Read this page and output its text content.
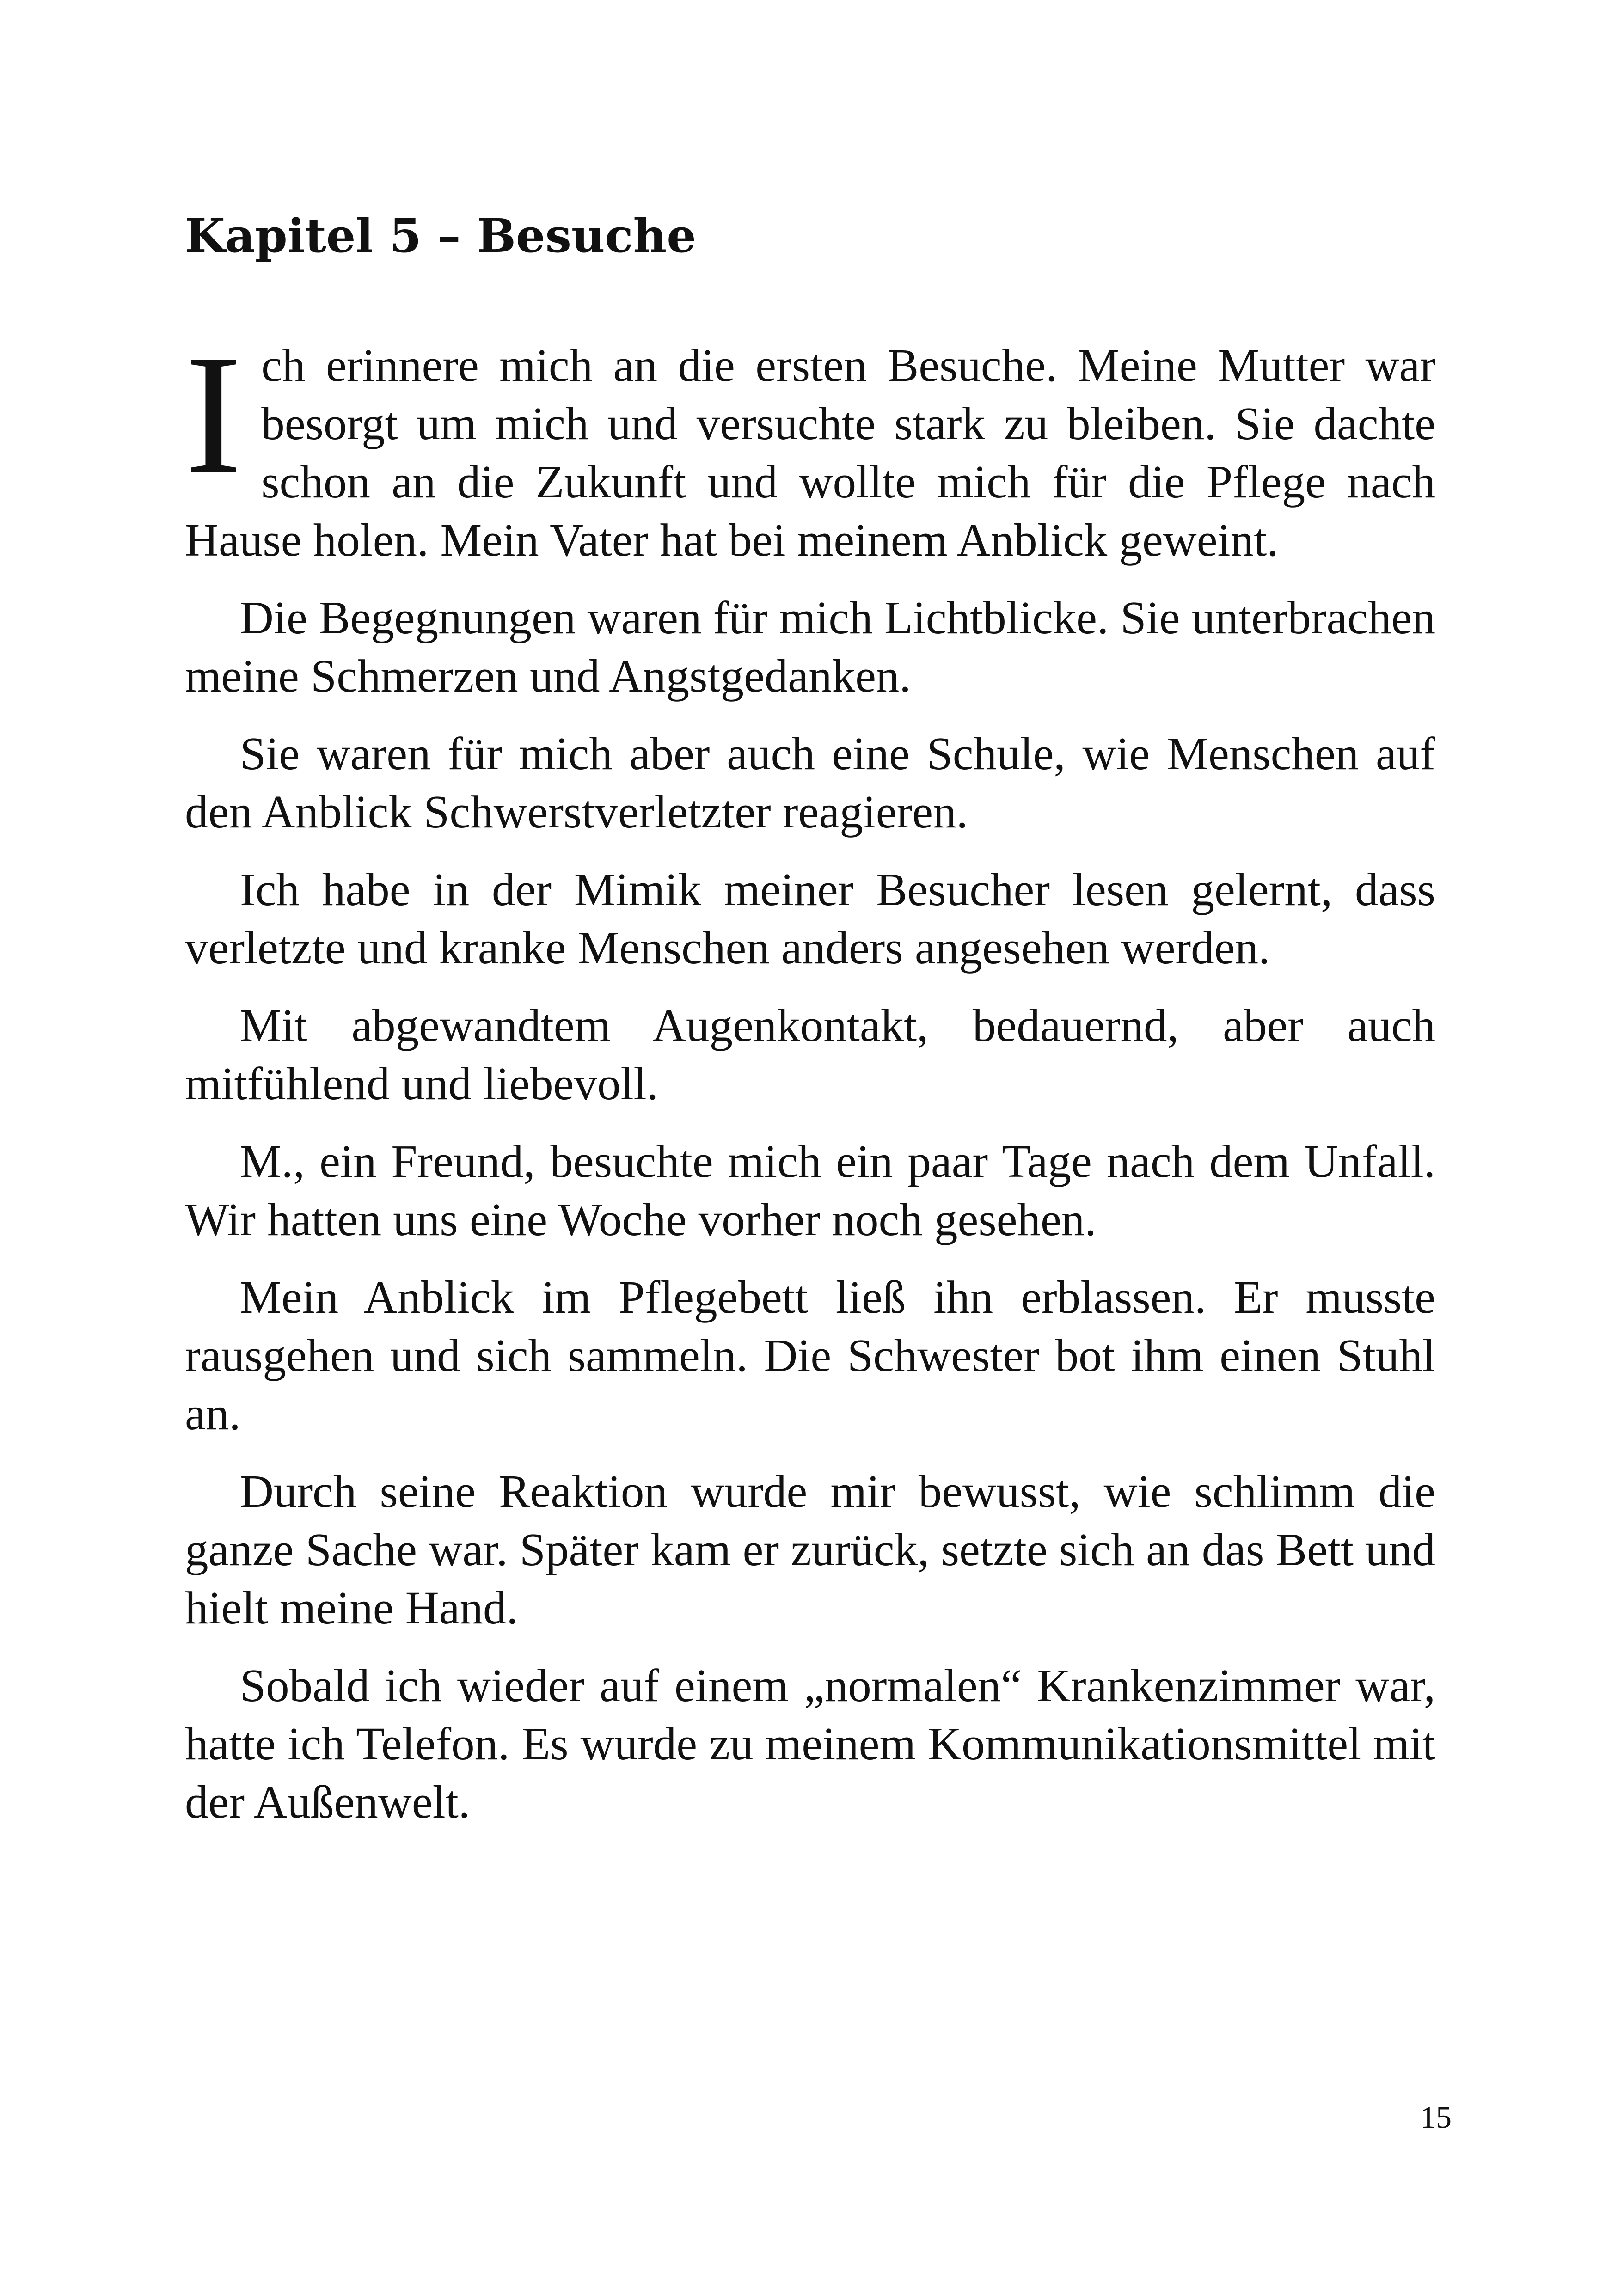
Kapitel 5 – Besuche

Ich erinnere mich an die ersten Besuche. Meine Mutter war besorgt um mich und versuchte stark zu bleiben. Sie dachte schon an die Zukunft und wollte mich für die Pflege nach Hause holen. Mein Vater hat bei meinem Anblick geweint.

Die Begegnungen waren für mich Lichtblicke. Sie unterbrachen meine Schmerzen und Angstgedanken.

Sie waren für mich aber auch eine Schule, wie Menschen auf den Anblick Schwerstverletzter reagieren.

Ich habe in der Mimik meiner Besucher lesen gelernt, dass verletzte und kranke Menschen anders angesehen werden.

Mit abgewandtem Augenkontakt, bedauernd, aber auch mitfühlend und liebevoll.

M., ein Freund, besuchte mich ein paar Tage nach dem Unfall. Wir hatten uns eine Woche vorher noch gesehen.

Mein Anblick im Pflegebett ließ ihn erblassen. Er musste rausgehen und sich sammeln. Die Schwester bot ihm einen Stuhl an.

Durch seine Reaktion wurde mir bewusst, wie schlimm die ganze Sache war. Später kam er zurück, setzte sich an das Bett und hielt meine Hand.

Sobald ich wieder auf einem „normalen“ Krankenzimmer war, hatte ich Telefon. Es wurde zu meinem Kommunikationsmittel mit der Außenwelt.

15
